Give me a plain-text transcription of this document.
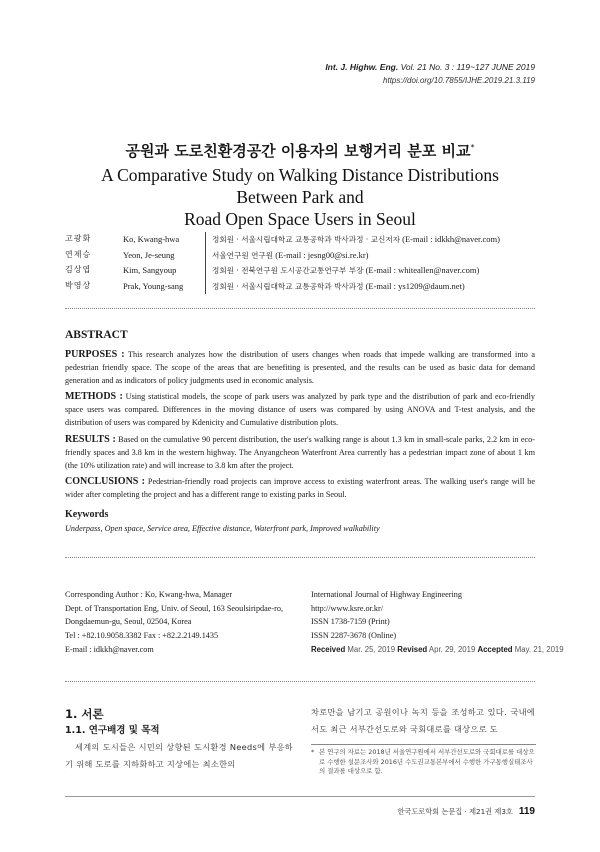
Int. J. Highw. Eng. Vol. 21 No. 3 : 119~127 JUNE 2019
https://doi.org/10.7855/IJHE.2019.21.3.119
공원과 도로친환경공간 이용자의 보행거리 분포 비교*
A Comparative Study on Walking Distance Distributions Between Park and
Road Open Space Users in Seoul
고광화	Ko, Kwang-hwa	정회원 · 서울시립대학교 교통공학과 박사과정 · 교신저자 (E-mail : idkkh@naver.com)
연제승	Yeon, Je-seung	서울연구원 연구원 (E-mail : jesng00@si.re.kr)
김상엽	Kim, Sangyoup	정회원 · 전북연구원 도시공간교통연구부 부장 (E-mail : whiteallen@naver.com)
박영상	Prak, Young-sang	정회원 · 서울시립대학교 교통공학과 박사과정 (E-mail : ys1209@daum.net)
ABSTRACT
PURPOSES : This research analyzes how the distribution of users changes when roads that impede walking are transformed into a pedestrian friendly space. The scope of the areas that are benefiting is presented, and the results can be used as basic data for demand generation and as indicators of policy judgments used in economic analysis.
METHODS : Using statistical models, the scope of park users was analyzed by park type and the distribution of park and eco-friendly space users was compared. Differences in the moving distance of users was compared by using ANOVA and T-test analysis, and the distribution of users was compared by Kdenicity and Cumulative distribution plots.
RESULTS : Based on the cumulative 90 percent distribution, the user's walking range is about 1.3 km in small-scale parks, 2.2 km in eco-friendly spaces and 3.8 km in the western highway. The Anyangcheon Waterfront Area currently has a pedestrian impact zone of about 1 km (the 10% utilization rate) and will increase to 3.8 km after the project.
CONCLUSIONS : Pedestrian-friendly road projects can improve access to existing waterfront areas. The walking user's range will be wider after completing the project and has a different range to existing parks in Seoul.
Keywords
Underpass, Open space, Service area, Effective distance, Waterfront park, Improved walkability
Corresponding Author : Ko, Kwang-hwa, Manager
Dept. of Transportation Eng, Univ. of Seoul, 163 Seoulsiripdae-ro,
Dongdaemun-gu, Seoul, 02504, Korea
Tel : +82.10.9058.3382 Fax : +82.2.2149.1435
E-mail : idkkh@naver.com
International Journal of Highway Engineering
http://www.ksre.or.kr/
ISSN 1738-7159 (Print)
ISSN 2287-3678 (Online)
Received Mar. 25, 2019 Revised Apr. 29, 2019 Accepted May. 21, 2019
1. 서론
1.1. 연구배경 및 목적
세계의 도시들은 시민의 상향된 도시환경 Needs에 부응하기 위해 도로를 지하화하고 지상에는 최소한의
차로만을 남기고 공원이나 녹지 등을 조성하고 있다. 국내에서도 최근 서부간선도로와 국회대로를 대상으로 도
* 본 연구의 자료는 2018년 서울연구원에서 서부간선도로와 국회대로를 대상으로 수행한 설문조사와 2016년 수도권교통본부에서 수행한 가구통행실태조사의 결과를 대상으로 함.
한국도로학회 논문집 · 제21권 제3호 119
